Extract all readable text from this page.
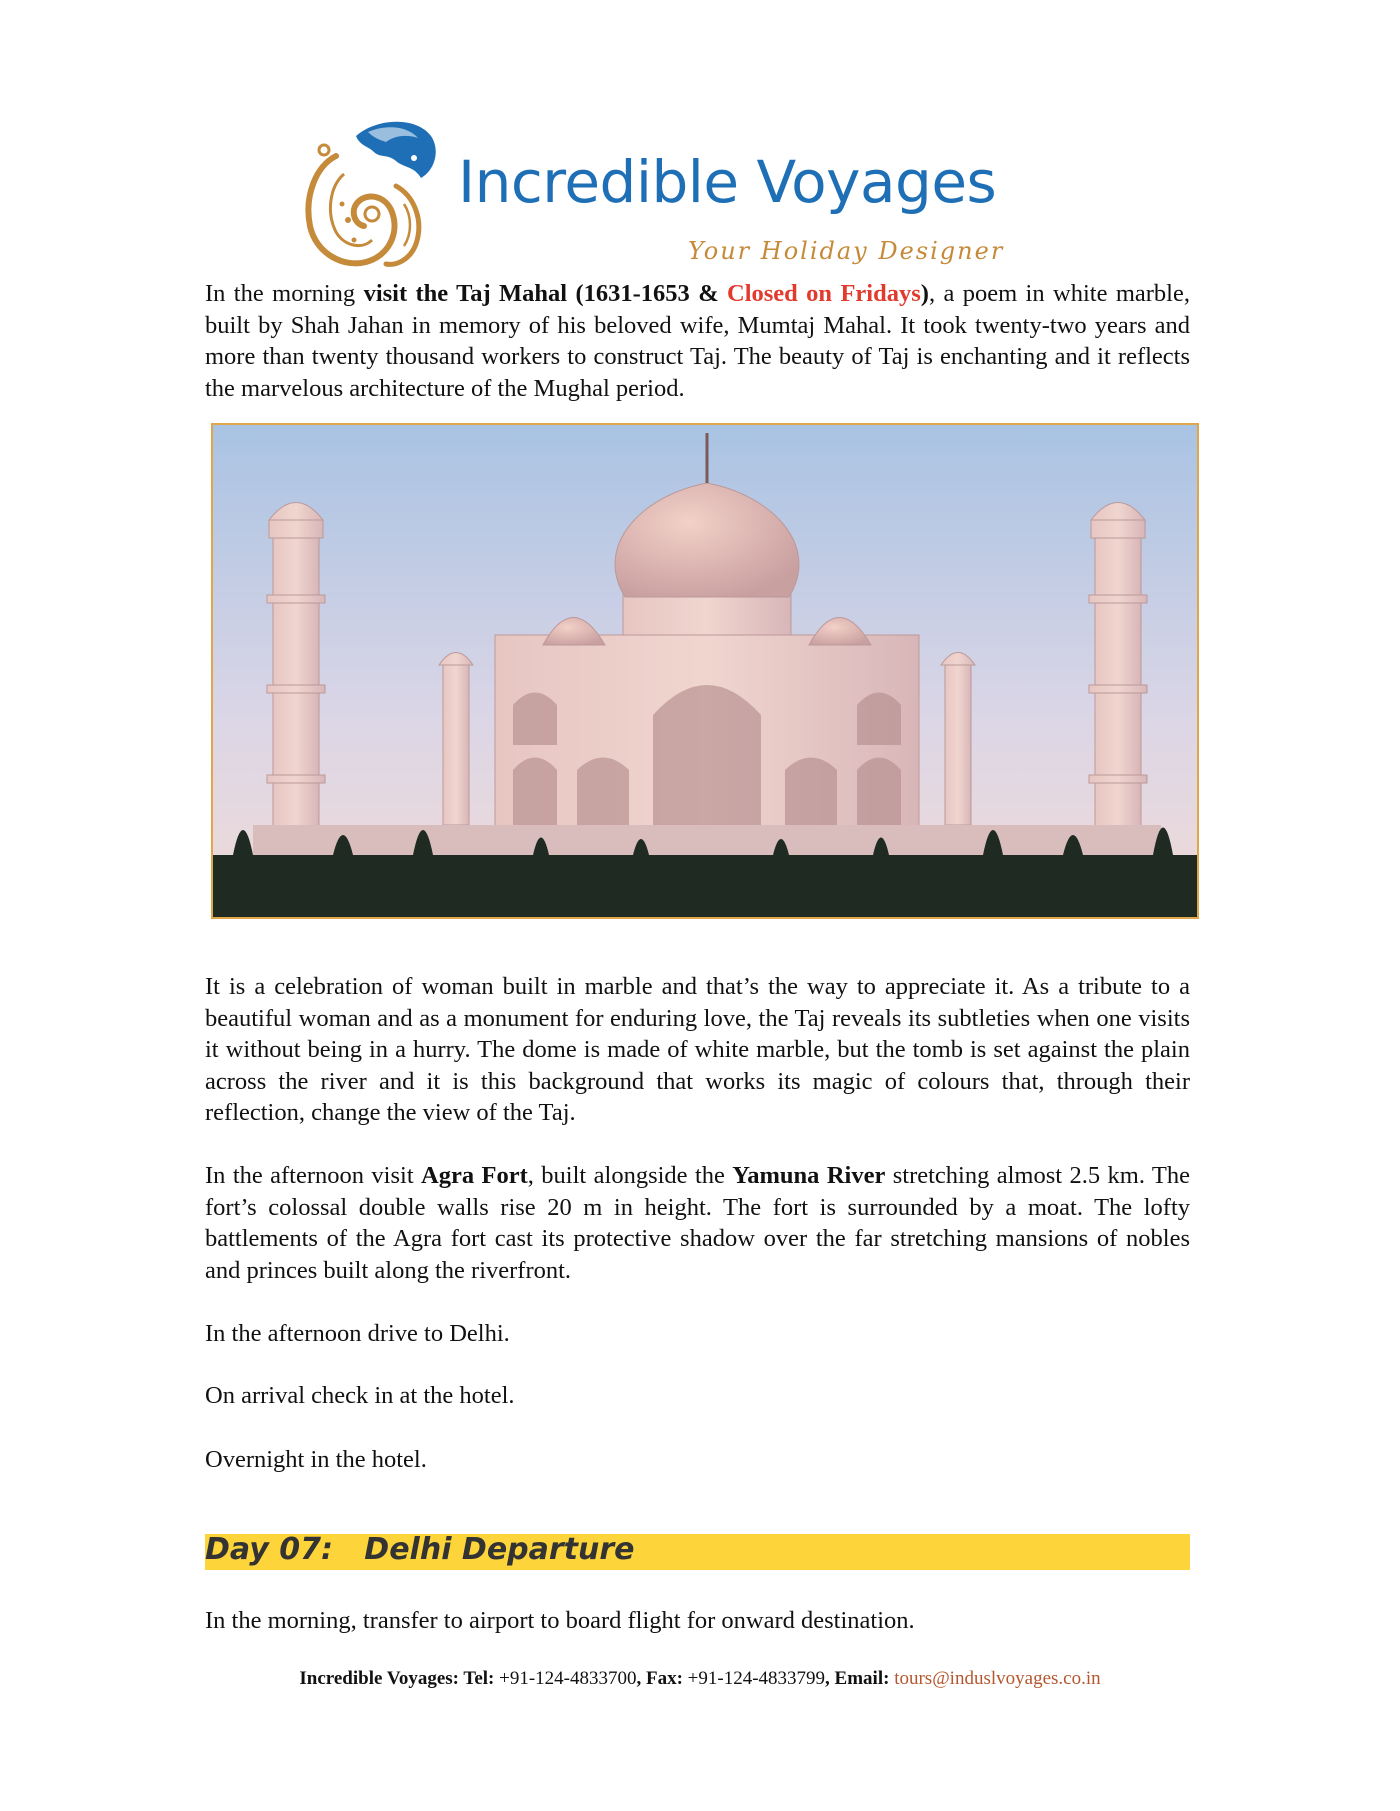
Incredible Voyages
Your Holiday Designer

In the morning visit the Taj Mahal (1631-1653 & Closed on Fridays), a poem in white marble, built by Shah Jahan in memory of his beloved wife, Mumtaj Mahal. It took twenty-two years and more than twenty thousand workers to construct Taj. The beauty of Taj is enchanting and it reflects the marvelous architecture of the Mughal period.

It is a celebration of woman built in marble and that’s the way to appreciate it. As a tribute to a beautiful woman and as a monument for enduring love, the Taj reveals its subtleties when one visits it without being in a hurry. The dome is made of white marble, but the tomb is set against the plain across the river and it is this background that works its magic of colours that, through their reflection, change the view of the Taj.

In the afternoon visit Agra Fort, built alongside the Yamuna River stretching almost 2.5 km. The fort’s colossal double walls rise 20 m in height. The fort is surrounded by a moat. The lofty battlements of the Agra fort cast its protective shadow over the far stretching mansions of nobles and princes built along the riverfront.

In the afternoon drive to Delhi.

On arrival check in at the hotel.

Overnight in the hotel.

Day 07:   Delhi Departure

In the morning, transfer to airport to board flight for onward destination.

Incredible Voyages: Tel: +91-124-4833700, Fax: +91-124-4833799, Email: tours@induslvoyages.co.in
